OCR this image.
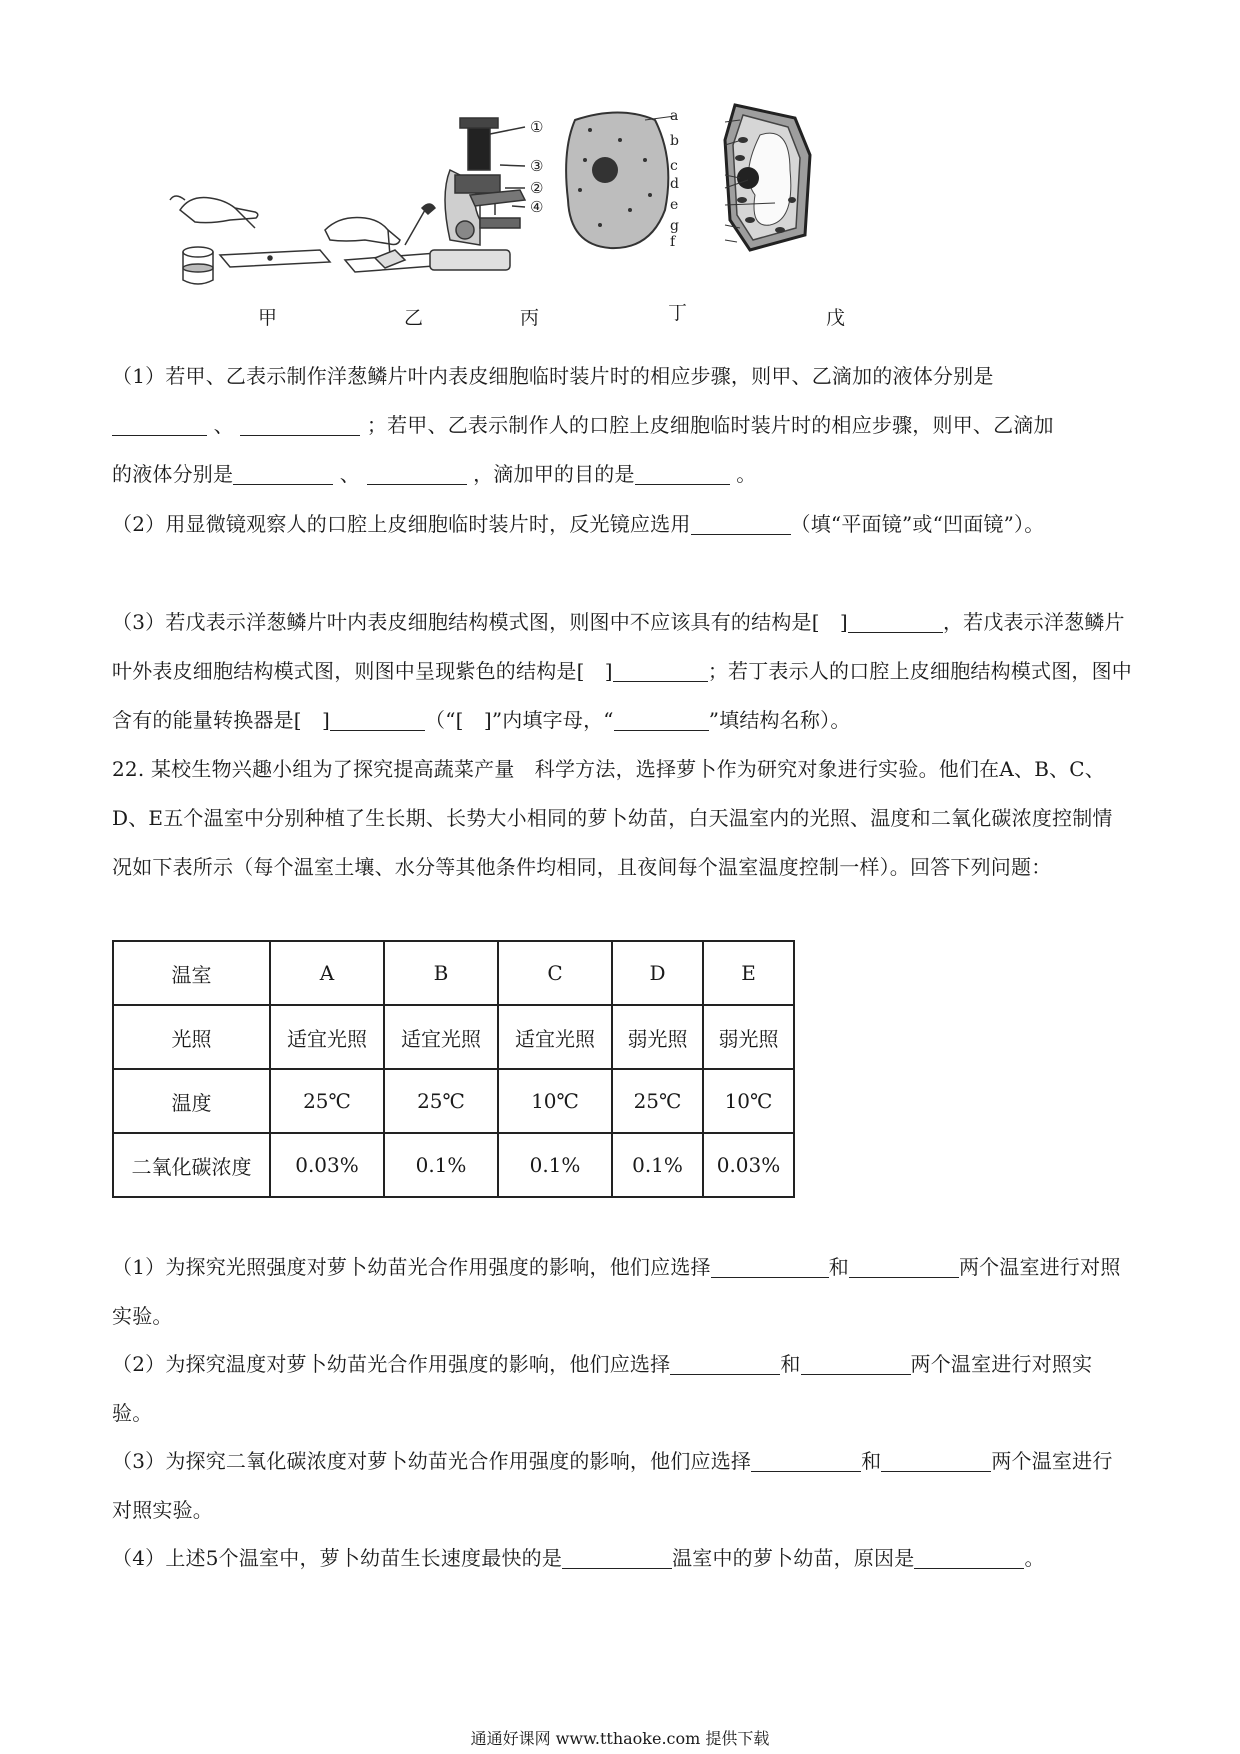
①
③
②
④
a
b
c
d
e
g
f
甲	乙	丙	丁	戊
（1）若甲、乙表示制作洋葱鳞片叶内表皮细胞临时装片时的相应步骤，则甲、乙滴加的液体分别是
、	；若甲、乙表示制作人的口腔上皮细胞临时装片时的相应步骤，则甲、乙滴加
的液体分别是	、	，滴加甲的目的是	。
（2）用显微镜观察人的口腔上皮细胞临时装片时，反光镜应选用	（填“平面镜”或“凹面镜”）。
（3）若戊表示洋葱鳞片叶内表皮细胞结构模式图，则图中不应该具有的结构是[　]	，若戊表示洋葱鳞片叶外表皮细胞结构模式图，则图中呈现紫色的结构是[　]	；若丁表示人的口腔上皮细胞结构模式图，图中含有的能量转换器是[　]	（“[　]”内填字母，“	”填结构名称）。
22. 某校生物兴趣小组为了探究提高蔬菜产量　科学方法，选择萝卜作为研究对象进行实验。他们在A、B、C、D、E五个温室中分别种植了生长期、长势大小相同的萝卜幼苗，白天温室内的光照、温度和二氧化碳浓度控制情况如下表所示（每个温室土壤、水分等其他条件均相同，且夜间每个温室温度控制一样）。回答下列问题：
温室	A	B	C	D	E
光照	适宜光照	适宜光照	适宜光照	弱光照	弱光照
温度	25℃	25℃	10℃	25℃	10℃
二氧化碳浓度	0.03%	0.1%	0.1%	0.1%	0.03%
（1）为探究光照强度对萝卜幼苗光合作用强度的影响，他们应选择	和	两个温室进行对照实验。
（2）为探究温度对萝卜幼苗光合作用强度的影响，他们应选择	和	两个温室进行对照实验。
（3）为探究二氧化碳浓度对萝卜幼苗光合作用强度的影响，他们应选择	和	两个温室进行对照实验。
（4）上述5个温室中，萝卜幼苗生长速度最快的是	温室中的萝卜幼苗，原因是	。
通通好课网 www.tthaoke.com 提供下载
